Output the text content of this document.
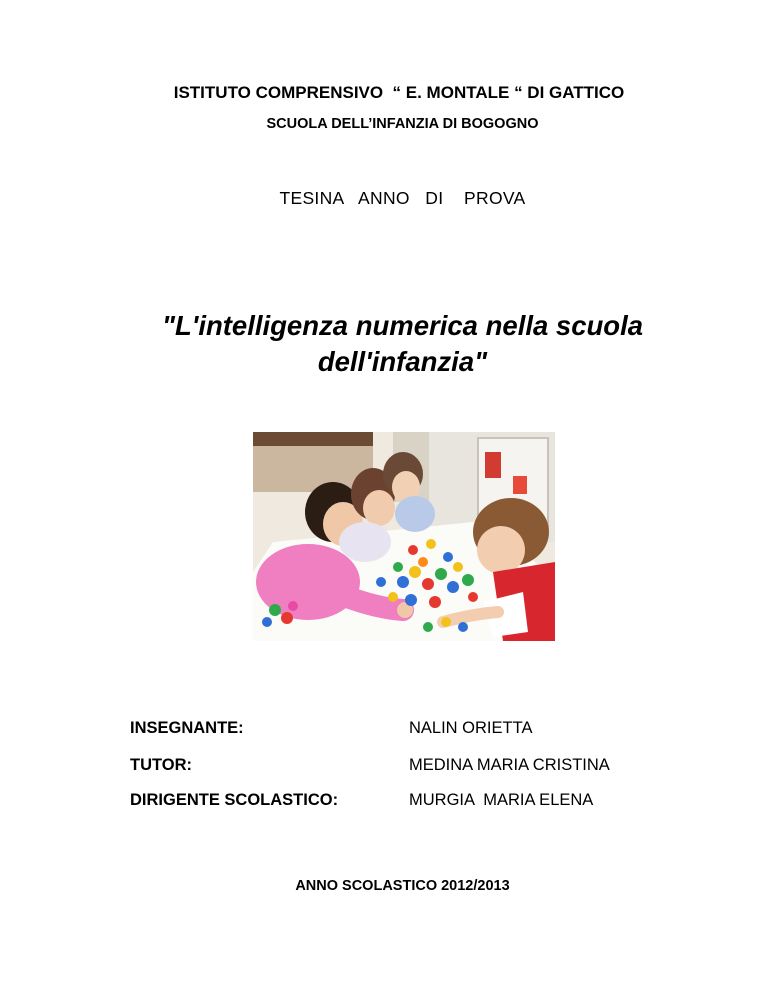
ISTITUTO COMPRENSIVO  “ E. MONTALE “ DI GATTICO
SCUOLA DELL’INFANZIA DI BOGOGNO
TESINA   ANNO   DI    PROVA
"L'intelligenza numerica nella scuola
dell'infanzia"
INSEGNANTE:	NALIN ORIETTA
TUTOR:	MEDINA MARIA CRISTINA
DIRIGENTE SCOLASTICO:	MURGIA  MARIA ELENA
ANNO SCOLASTICO 2012/2013
